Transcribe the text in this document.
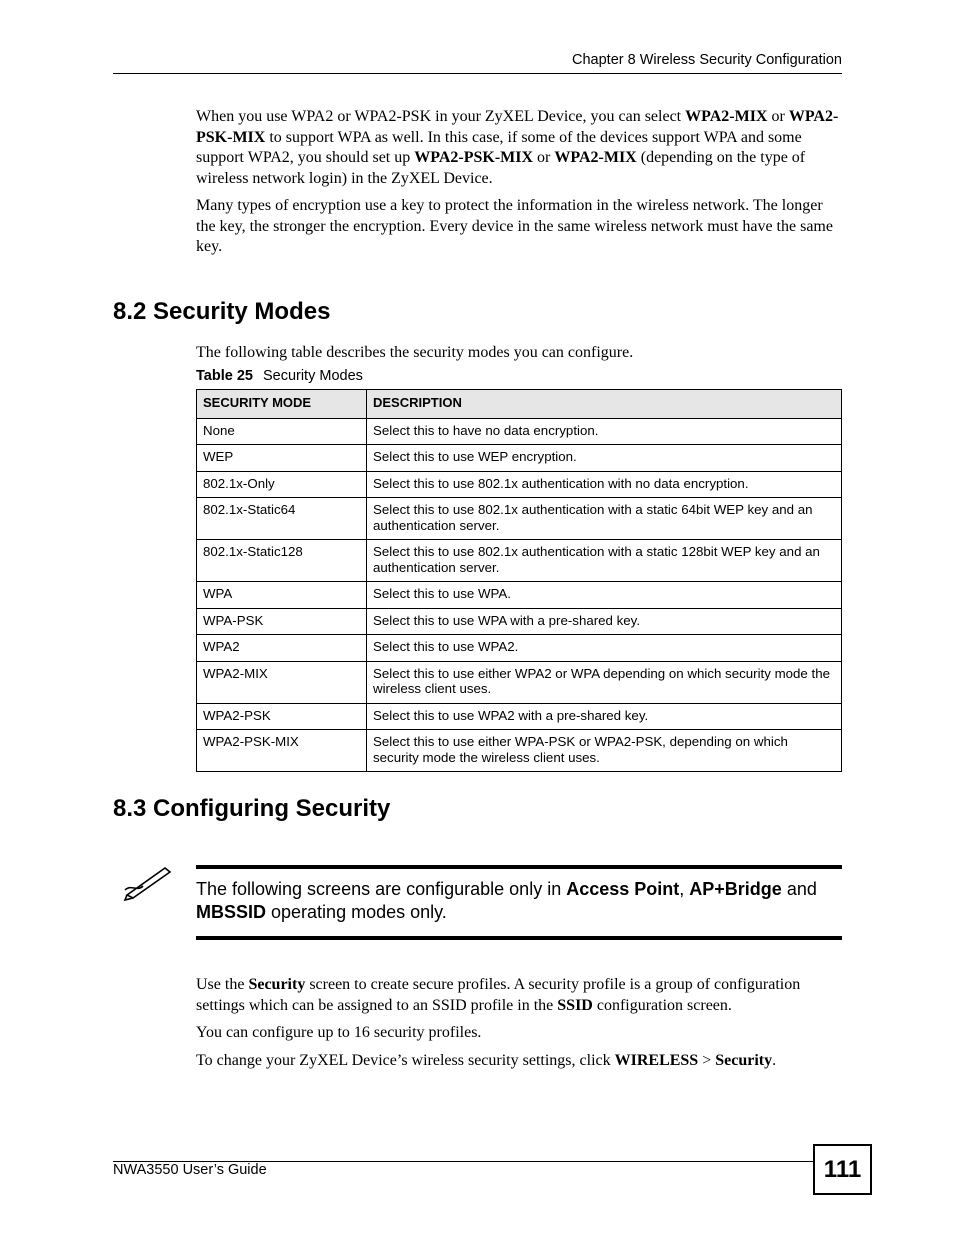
Chapter 8 Wireless Security Configuration

When you use WPA2 or WPA2-PSK in your ZyXEL Device, you can select WPA2-MIX or WPA2-PSK-MIX to support WPA as well. In this case, if some of the devices support WPA and some support WPA2, you should set up WPA2-PSK-MIX or WPA2-MIX (depending on the type of wireless network login) in the ZyXEL Device.

Many types of encryption use a key to protect the information in the wireless network. The longer the key, the stronger the encryption. Every device in the same wireless network must have the same key.

8.2 Security Modes

The following table describes the security modes you can configure.

Table 25 Security Modes
SECURITY MODE	DESCRIPTION
None	Select this to have no data encryption.
WEP	Select this to use WEP encryption.
802.1x-Only	Select this to use 802.1x authentication with no data encryption.
802.1x-Static64	Select this to use 802.1x authentication with a static 64bit WEP key and an authentication server.
802.1x-Static128	Select this to use 802.1x authentication with a static 128bit WEP key and an authentication server.
WPA	Select this to use WPA.
WPA-PSK	Select this to use WPA with a pre-shared key.
WPA2	Select this to use WPA2.
WPA2-MIX	Select this to use either WPA2 or WPA depending on which security mode the wireless client uses.
WPA2-PSK	Select this to use WPA2 with a pre-shared key.
WPA2-PSK-MIX	Select this to use either WPA-PSK or WPA2-PSK, depending on which security mode the wireless client uses.
8.3 Configuring Security

The following screens are configurable only in Access Point, AP+Bridge and
MBSSID operating modes only.

Use the Security screen to create secure profiles. A security profile is a group of configuration settings which can be assigned to an SSID profile in the SSID configuration screen.

You can configure up to 16 security profiles.

To change your ZyXEL Device’s wireless security settings, click WIRELESS > Security.

NWA3550 User’s Guide	111
